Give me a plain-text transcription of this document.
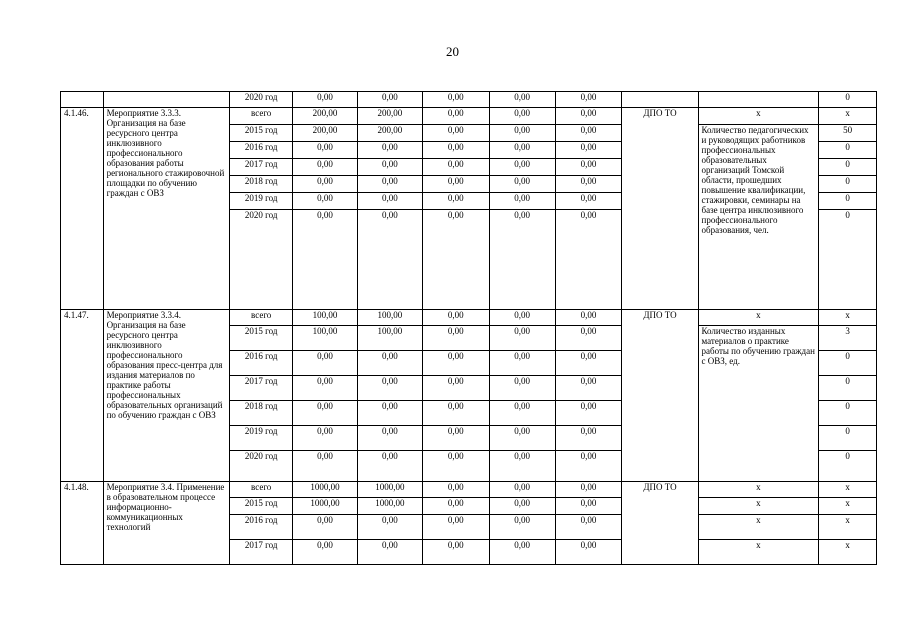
20
		2020 год	0,00	0,00	0,00	0,00	0,00			0
4.1.46.	Мероприятие 3.3.3. Организация на базе ресурсного центра инклюзивного профессионального образования работы регионального стажировочной площадки по обучению граждан с ОВЗ	всего	200,00	200,00	0,00	0,00	0,00	ДПО ТО	x	x
		2015 год	200,00	200,00	0,00	0,00	0,00		Количество педагогических и руководящих работников профессиональных образовательных организаций Томской области, прошедших повышение квалификации, стажировки, семинары на базе центра инклюзивного профессионального образования, чел.	50
		2016 год	0,00	0,00	0,00	0,00	0,00			0
		2017 год	0,00	0,00	0,00	0,00	0,00			0
		2018 год	0,00	0,00	0,00	0,00	0,00			0
		2019 год	0,00	0,00	0,00	0,00	0,00			0
		2020 год	0,00	0,00	0,00	0,00	0,00			0
4.1.47.	Мероприятие 3.3.4. Организация на базе ресурсного центра инклюзивного профессионального образования пресс-центра для издания материалов по практике работы профессиональных образовательных организаций по обучению граждан с ОВЗ	всего	100,00	100,00	0,00	0,00	0,00	ДПО ТО	x	x
		2015 год	100,00	100,00	0,00	0,00	0,00		Количество изданных материалов о практике работы по обучению граждан с ОВЗ, ед.	3
		2016 год	0,00	0,00	0,00	0,00	0,00			0
		2017 год	0,00	0,00	0,00	0,00	0,00			0
		2018 год	0,00	0,00	0,00	0,00	0,00			0
		2019 год	0,00	0,00	0,00	0,00	0,00			0
		2020 год	0,00	0,00	0,00	0,00	0,00			0
4.1.48.	Мероприятие 3.4. Применение в образовательном процессе информационно-коммуникационных технологий	всего	1000,00	1000,00	0,00	0,00	0,00	ДПО ТО	x	x
		2015 год	1000,00	1000,00	0,00	0,00	0,00		x	x
		2016 год	0,00	0,00	0,00	0,00	0,00		x	x
		2017 год	0,00	0,00	0,00	0,00	0,00		x	x
